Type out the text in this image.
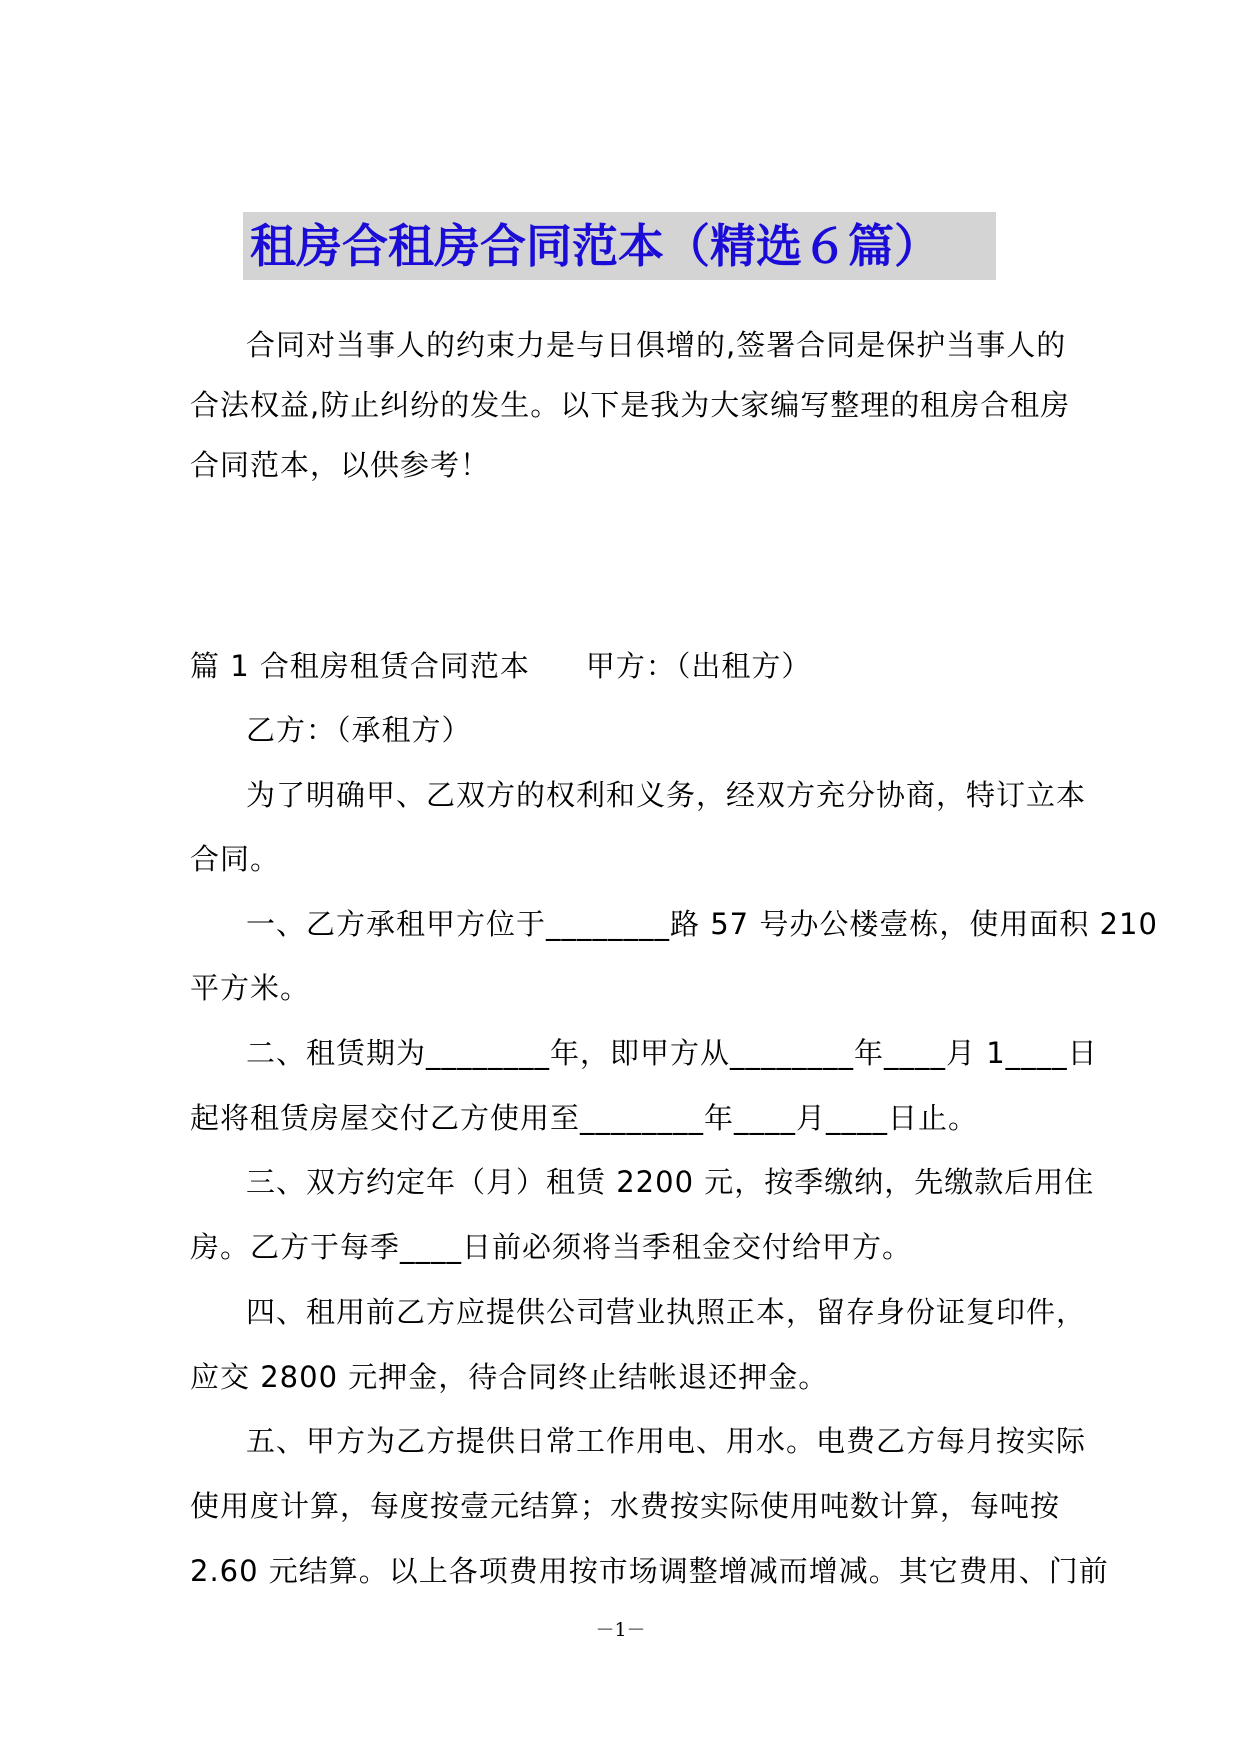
租房合租房合同范本（精选６篇）
合同对当事人的约束力是与日俱增的,签署合同是保护当事人的
合法权益,防止纠纷的发生。以下是我为大家编写整理的租房合租房
合同范本，以供参考！
篇 1 合租房租赁合同范本 甲方：（出租方）
乙方：（承租方）
为了明确甲、乙双方的权利和义务，经双方充分协商，特订立本
合同。
一、乙方承租甲方位于________路 57 号办公楼壹栋，使用面积 210
平方米。
二、租赁期为________年，即甲方从________年____月 1____日
起将租赁房屋交付乙方使用至________年____月____日止。
三、双方约定年（月）租赁 2200 元，按季缴纳，先缴款后用住
房。乙方于每季____日前必须将当季租金交付给甲方。
四、租用前乙方应提供公司营业执照正本，留存身份证复印件，
应交 2800 元押金，待合同终止结帐退还押金。
五、甲方为乙方提供日常工作用电、用水。电费乙方每月按实际
使用度计算，每度按壹元结算；水费按实际使用吨数计算，每吨按
2.60 元结算。以上各项费用按市场调整增减而增减。其它费用、门前
－1－
